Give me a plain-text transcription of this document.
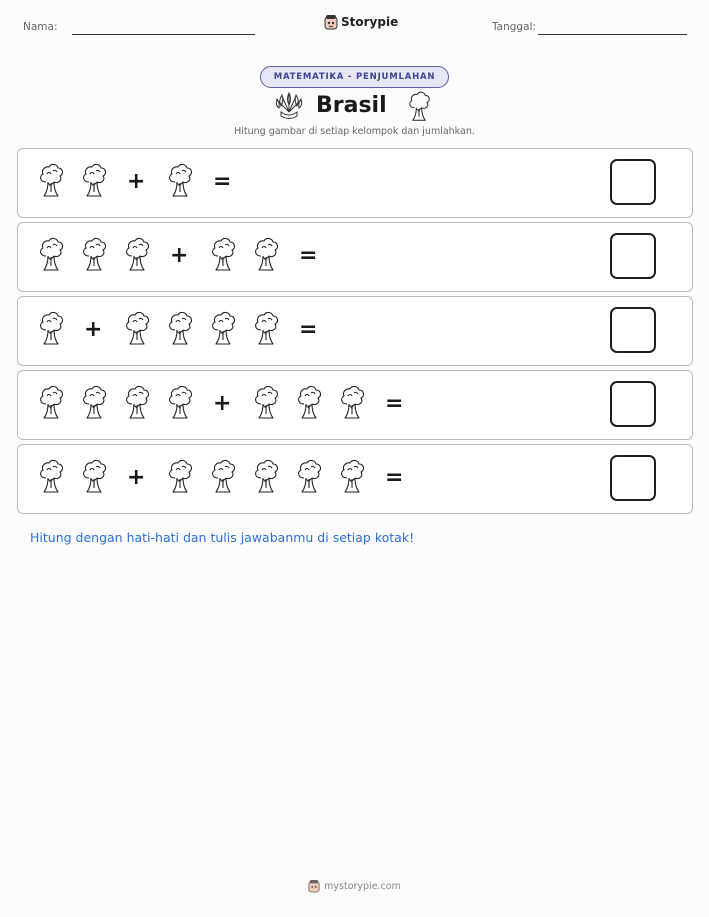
Nama:	Storypie	Tanggal:
MATEMATIKA - PENJUMLAHAN
Brasil
Hitung gambar di setiap kelompok dan jumlahkan.
+	=
+	=
+	=
+	=
+	=
Hitung dengan hati-hati dan tulis jawabanmu di setiap kotak!
mystorypie.com
